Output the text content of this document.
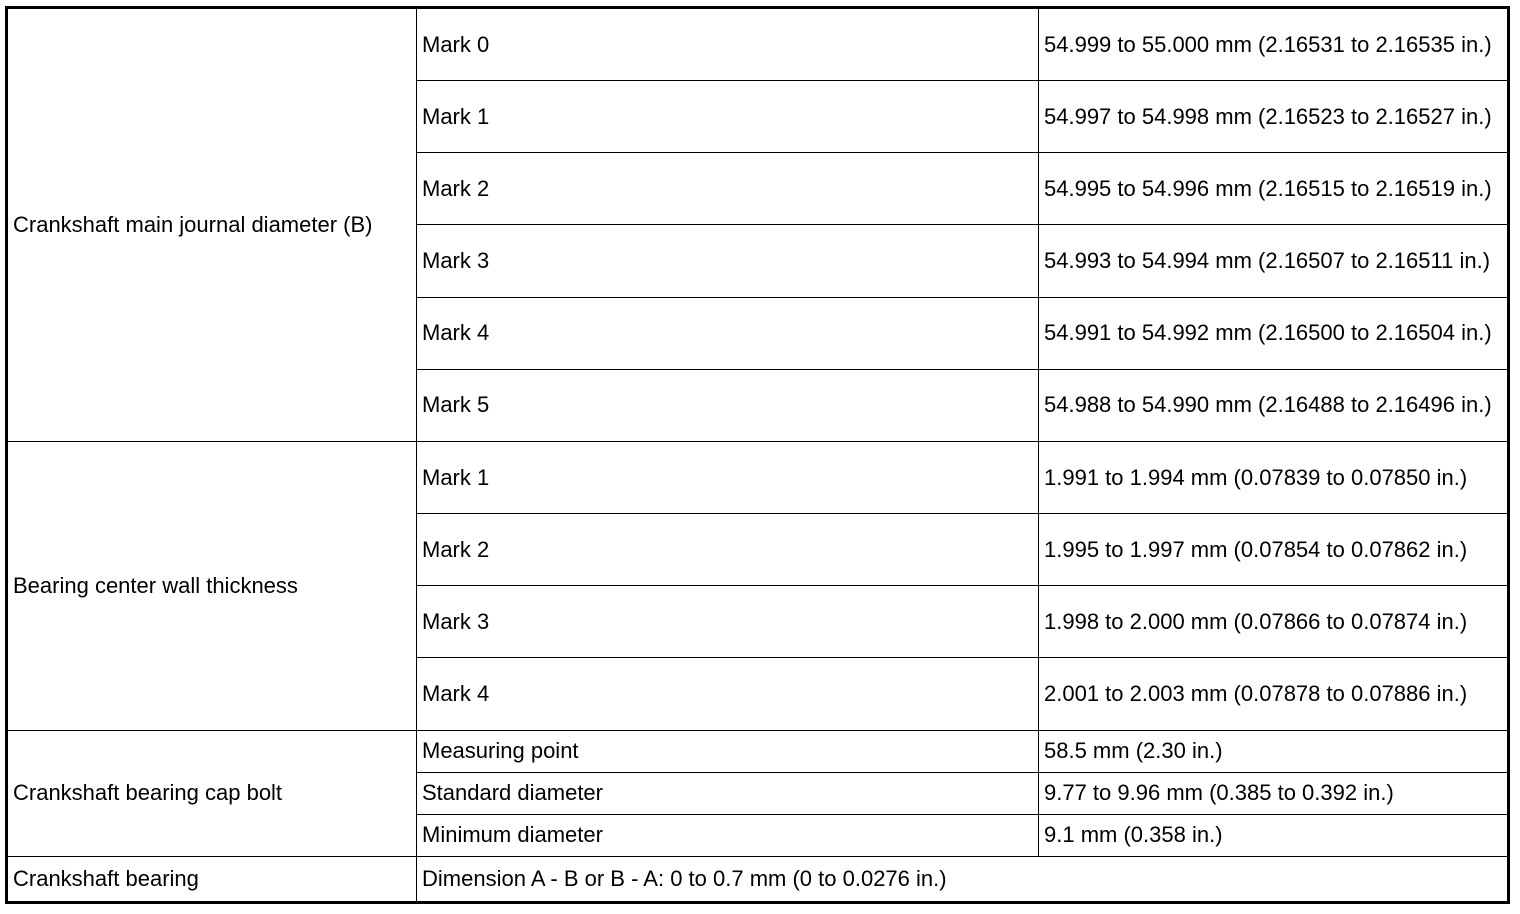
Crankshaft main journal diameter (B)	Mark 0	54.999 to 55.000 mm (2.16531 to 2.16535 in.)
	Mark 1	54.997 to 54.998 mm (2.16523 to 2.16527 in.)
	Mark 2	54.995 to 54.996 mm (2.16515 to 2.16519 in.)
	Mark 3	54.993 to 54.994 mm (2.16507 to 2.16511 in.)
	Mark 4	54.991 to 54.992 mm (2.16500 to 2.16504 in.)
	Mark 5	54.988 to 54.990 mm (2.16488 to 2.16496 in.)
Bearing center wall thickness	Mark 1	1.991 to 1.994 mm (0.07839 to 0.07850 in.)
	Mark 2	1.995 to 1.997 mm (0.07854 to 0.07862 in.)
	Mark 3	1.998 to 2.000 mm (0.07866 to 0.07874 in.)
	Mark 4	2.001 to 2.003 mm (0.07878 to 0.07886 in.)
Crankshaft bearing cap bolt	Measuring point	58.5 mm (2.30 in.)
	Standard diameter	9.77 to 9.96 mm (0.385 to 0.392 in.)
	Minimum diameter	9.1 mm (0.358 in.)
Crankshaft bearing	Dimension A - B or B - A: 0 to 0.7 mm (0 to 0.0276 in.)	
